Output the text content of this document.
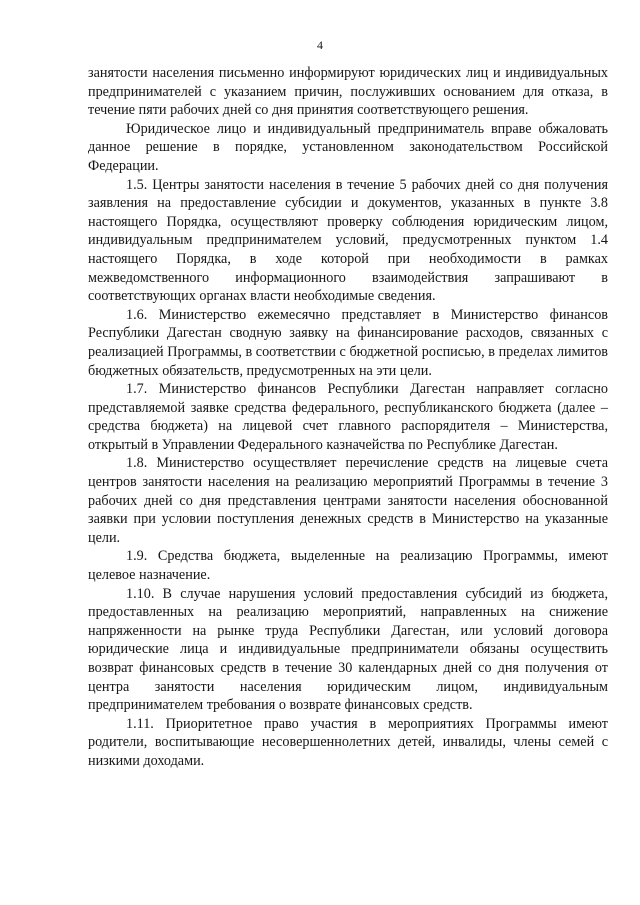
4

занятости населения письменно информируют юридических лиц и индивидуальных предпринимателей с указанием причин, послуживших основанием для отказа, в течение пяти рабочих дней со дня принятия соответствующего решения.

Юридическое лицо и индивидуальный предприниматель вправе обжаловать данное решение в порядке, установленном законодательством Российской Федерации.

1.5. Центры занятости населения в течение 5 рабочих дней со дня получения заявления на предоставление субсидии и документов, указанных в пункте 3.8 настоящего Порядка, осуществляют проверку соблюдения юридическим лицом, индивидуальным предпринимателем условий, предусмотренных пунктом 1.4 настоящего Порядка, в ходе которой при необходимости в рамках межведомственного информационного взаимодействия запрашивают в соответствующих органах власти необходимые сведения.

1.6. Министерство ежемесячно представляет в Министерство финансов Республики Дагестан сводную заявку на финансирование расходов, связанных с реализацией Программы, в соответствии с бюджетной росписью, в пределах лимитов бюджетных обязательств, предусмотренных на эти цели.

1.7. Министерство финансов Республики Дагестан направляет согласно представляемой заявке средства федерального, республиканского бюджета (далее – средства бюджета) на лицевой счет главного распорядителя – Министерства, открытый в Управлении Федерального казначейства по Республике Дагестан.

1.8. Министерство осуществляет перечисление средств на лицевые счета центров занятости населения на реализацию мероприятий Программы в течение 3 рабочих дней со дня представления центрами занятости населения обоснованной заявки при условии поступления денежных средств в Министерство на указанные цели.

1.9. Средства бюджета, выделенные на реализацию Программы, имеют целевое назначение.

1.10. В случае нарушения условий предоставления субсидий из бюджета, предоставленных на реализацию мероприятий, направленных на снижение напряженности на рынке труда Республики Дагестан, или условий договора юридические лица и индивидуальные предприниматели обязаны осуществить возврат финансовых средств в течение 30 календарных дней со дня получения от центра занятости населения юридическим лицом, индивидуальным предпринимателем требования о возврате финансовых средств.

1.11. Приоритетное право участия в мероприятиях Программы имеют родители, воспитывающие несовершеннолетних детей, инвалиды, члены семей с низкими доходами.
